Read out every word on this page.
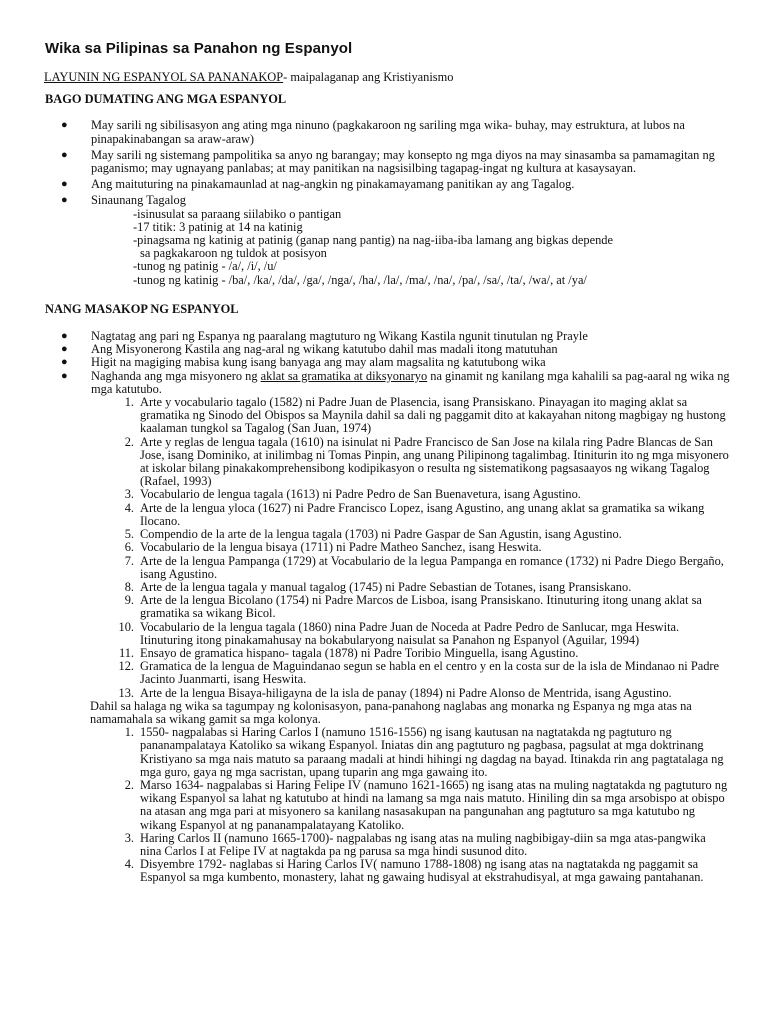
Wika sa Pilipinas sa Panahon ng Espanyol
LAYUNIN NG ESPANYOL SA PANANAKOP- maipalaganap ang Kristiyanismo
BAGO DUMATING ANG MGA ESPANYOL
● May sarili ng sibilisasyon ang ating mga ninuno (pagkakaroon ng sariling mga wika- buhay, may estruktura, at lubos na pinapakinabangan sa araw-araw)
● May sarili ng sistemang pampolitika sa anyo ng barangay; may konsepto ng mga diyos na may sinasamba sa pamamagitan ng paganismo; may ugnayang panlabas; at may panitikan na nagsisilbing tagapag-ingat ng kultura at kasaysayan.
● Ang maituturing na pinakamaunlad at nag-angkin ng pinakamayamang panitikan ay ang Tagalog.
● Sinaunang Tagalog
-isinusulat sa paraang siilabiko o pantigan
-17 titik: 3 patinig at 14 na katinig
-pinagsama ng katinig at patinig (ganap nang pantig) na nag-iiba-iba lamang ang bigkas depende
sa pagkakaroon ng tuldok at posisyon
-tunog ng patinig - /a/, /i/, /u/
-tunog ng katinig - /ba/, /ka/, /da/, /ga/, /nga/, /ha/, /la/, /ma/, /na/, /pa/, /sa/, /ta/, /wa/, at /ya/
NANG MASAKOP NG ESPANYOL
● Nagtatag ang pari ng Espanya ng paaralang magtuturo ng Wikang Kastila ngunit tinutulan ng Prayle
● Ang Misyonerong Kastila ang nag-aral ng wikang katutubo dahil mas madali itong matutuhan
● Higit na magiging mabisa kung isang banyaga ang may alam magsalita ng katutubong wika
● Naghanda ang mga misyonero ng aklat sa gramatika at diksyonaryo na ginamit ng kanilang mga kahalili sa pag-aaral ng wika ng mga katutubo.
1. Arte y vocabulario tagalo (1582) ni Padre Juan de Plasencia, isang Pransiskano. Pinayagan ito maging aklat sa gramatika ng Sinodo del Obispos sa Maynila dahil sa dali ng paggamit dito at kakayahan nitong magbigay ng hustong kaalaman tungkol sa Tagalog (San Juan, 1974)
2. Arte y reglas de lengua tagala (1610) na isinulat ni Padre Francisco de San Jose na kilala ring Padre Blancas de San Jose, isang Dominiko, at inilimbag ni Tomas Pinpin, ang unang Pilipinong tagalimbag. Itiniturin ito ng mga misyonero at iskolar bilang pinakakomprehensibong kodipikasyon o resulta ng sistematikong pagsasaayos ng wikang Tagalog (Rafael, 1993)
3. Vocabulario de lengua tagala (1613) ni Padre Pedro de San Buenavetura, isang Agustino.
4. Arte de la lengua yloca (1627) ni Padre Francisco Lopez, isang Agustino, ang unang aklat sa gramatika sa wikang Ilocano.
5. Compendio de la arte de la lengua tagala (1703) ni Padre Gaspar de San Agustin, isang Agustino.
6. Vocabulario de la lengua bisaya (1711) ni Padre Matheo Sanchez, isang Heswita.
7. Arte de la lengua Pampanga (1729) at Vocabulario de la legua Pampanga en romance (1732) ni Padre Diego Bergaño, isang Agustino.
8. Arte de la lengua tagala y manual tagalog (1745) ni Padre Sebastian de Totanes, isang Pransiskano.
9. Arte de la lengua Bicolano (1754) ni Padre Marcos de Lisboa, isang Pransiskano. Itinuturing itong unang aklat sa gramatika sa wikang Bicol.
10. Vocabulario de la lengua tagala (1860) nina Padre Juan de Noceda at Padre Pedro de Sanlucar, mga Heswita. Itinuturing itong pinakamahusay na bokabularyong naisulat sa Panahon ng Espanyol (Aguilar, 1994)
11. Ensayo de gramatica hispano- tagala (1878) ni Padre Toribio Minguella, isang Agustino.
12. Gramatica de la lengua de Maguindanao segun se habla en el centro y en la costa sur de la isla de Mindanao ni Padre Jacinto Juanmarti, isang Heswita.
13. Arte de la lengua Bisaya-hiligayna de la isla de panay (1894) ni Padre Alonso de Mentrida, isang Agustino.
Dahil sa halaga ng wika sa tagumpay ng kolonisasyon, pana-panahong naglabas ang monarka ng Espanya ng mga atas na namamahala sa wikang gamit sa mga kolonya.
1. 1550- nagpalabas si Haring Carlos I (namuno 1516-1556) ng isang kautusan na nagtatakda ng pagtuturo ng pananampalataya Katoliko sa wikang Espanyol. Iniatas din ang pagtuturo ng pagbasa, pagsulat at mga doktrinang Kristiyano sa mga nais matuto sa paraang madali at hindi hihingi ng dagdag na bayad. Itinakda rin ang pagtatalaga ng mga guro, gaya ng mga sacristan, upang tuparin ang mga gawaing ito.
2. Marso 1634- nagpalabas si Haring Felipe IV (namuno 1621-1665) ng isang atas na muling nagtatakda ng pagtuturo ng wikang Espanyol sa lahat ng katutubo at hindi na lamang sa mga nais matuto. Hiniling din sa mga arsobispo at obispo na atasan ang mga pari at misyonero sa kanilang nasasakupan na pangunahan ang pagtuturo sa mga katutubo ng wikang Espanyol at ng pananampalatayang Katoliko.
3. Haring Carlos II (namuno 1665-1700)- nagpalabas ng isang atas na muling nagbibigay-diin sa mga atas-pangwika nina Carlos I at Felipe IV at nagtakda pa ng parusa sa mga hindi susunod dito.
4. Disyembre 1792- naglabas si Haring Carlos IV( namuno 1788-1808) ng isang atas na nagtatakda ng paggamit sa Espanyol sa mga kumbento, monastery, lahat ng gawaing hudisyal at ekstrahudisyal, at mga gawaing pantahanan.
